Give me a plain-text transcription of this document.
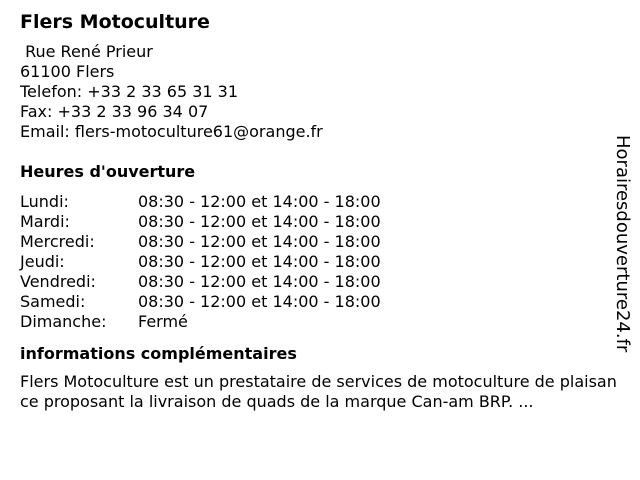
Flers Motoculture
Rue René Prieur
61100 Flers
Telefon: +33 2 33 65 31 31
Fax: +33 2 33 96 34 07
Email: flers-motoculture61@orange.fr
Heures d'ouverture
Lundi:	08:30 - 12:00 et 14:00 - 18:00
Mardi:	08:30 - 12:00 et 14:00 - 18:00
Mercredi:	08:30 - 12:00 et 14:00 - 18:00
Jeudi:	08:30 - 12:00 et 14:00 - 18:00
Vendredi:	08:30 - 12:00 et 14:00 - 18:00
Samedi:	08:30 - 12:00 et 14:00 - 18:00
Dimanche:	Fermé
informations complémentaires
Flers Motoculture est un prestataire de services de motoculture de plaisance proposant la livraison de quads de la marque Can-am BRP. ...
Horairesdouverture24.fr
